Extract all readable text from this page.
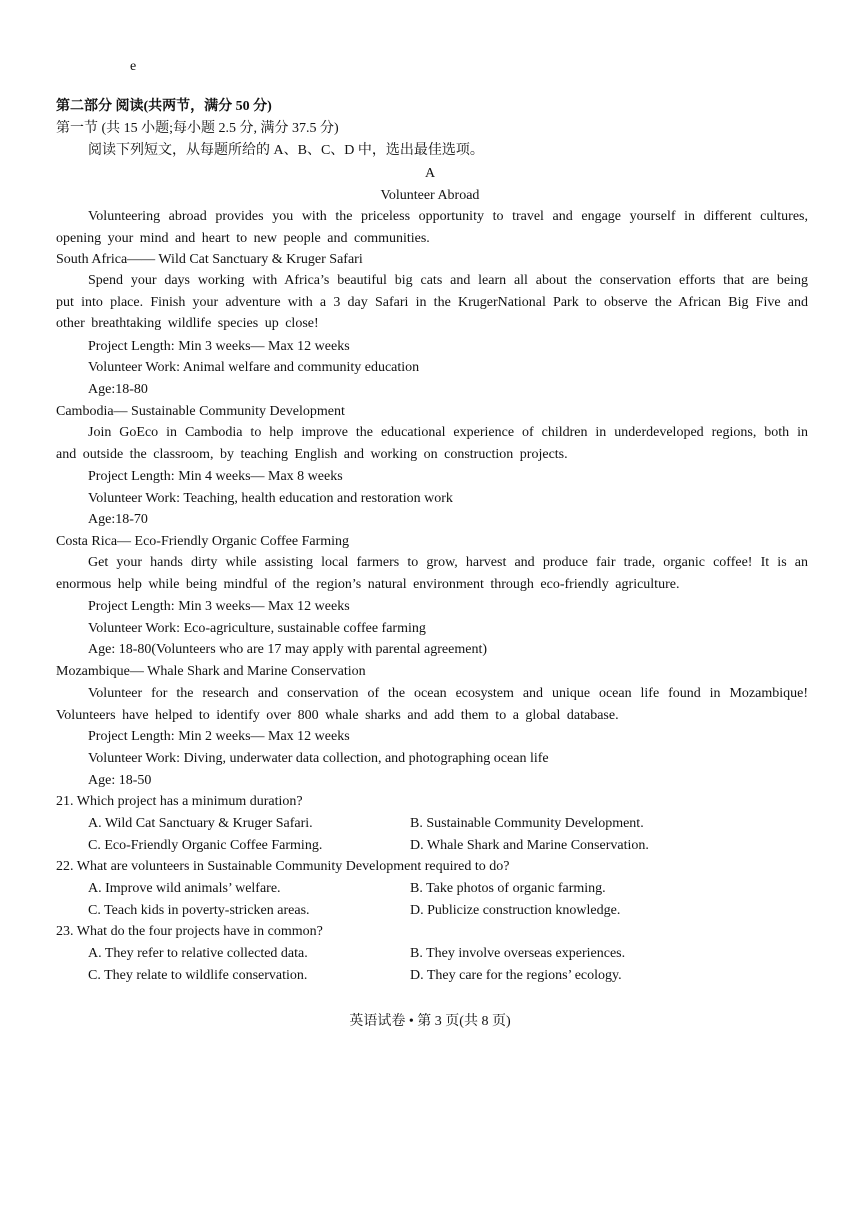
e
第二部分 阅读(共两节，满分 50 分)
第一节 (共 15 小题;每小题 2.5 分, 满分 37.5 分)
阅读下列短文，从每题所给的 A、B、C、D 中，选出最佳选项。
A
Volunteer Abroad
Volunteering abroad provides you with the priceless opportunity to travel and engage yourself in different cultures, opening your mind and heart to new people and communities.
South Africa—— Wild Cat Sanctuary & Kruger Safari
Spend your days working with Africa’s beautiful big cats and learn all about the conservation efforts that are being put into place. Finish your adventure with a 3 day Safari in the KrugerNational Park to observe the African Big Five and other breathtaking wildlife species up close!
Project Length: Min 3 weeks— Max 12 weeks
Volunteer Work: Animal welfare and community education
Age:18-80
Cambodia— Sustainable Community Development
Join GoEco in Cambodia to help improve the educational experience of children in underdeveloped regions, both in and outside the classroom, by teaching English and working on construction projects.
Project Length: Min 4 weeks— Max 8 weeks
Volunteer Work: Teaching, health education and restoration work
Age:18-70
Costa Rica— Eco-Friendly Organic Coffee Farming
Get your hands dirty while assisting local farmers to grow, harvest and produce fair trade, organic coffee! It is an enormous help while being mindful of the region’s natural environment through eco-friendly agriculture.
Project Length: Min 3 weeks— Max 12 weeks
Volunteer Work: Eco-agriculture, sustainable coffee farming
Age: 18-80(Volunteers who are 17 may apply with parental agreement)
Mozambique— Whale Shark and Marine Conservation
Volunteer for the research and conservation of the ocean ecosystem and unique ocean life found in Mozambique! Volunteers have helped to identify over 800 whale sharks and add them to a global database.
Project Length: Min 2 weeks— Max 12 weeks
Volunteer Work: Diving, underwater data collection, and photographing ocean life
Age: 18-50
21. Which project has a minimum duration?
A. Wild Cat Sanctuary & Kruger Safari.	B. Sustainable Community Development.
C. Eco-Friendly Organic Coffee Farming.	D. Whale Shark and Marine Conservation.
22. What are volunteers in Sustainable Community Development required to do?
A. Improve wild animals’ welfare.	B. Take photos of organic farming.
C. Teach kids in poverty-stricken areas.	D. Publicize construction knowledge.
23. What do the four projects have in common?
A. They refer to relative collected data.	B. They involve overseas experiences.
C. They relate to wildlife conservation.	D. They care for the regions’ ecology.
英语试卷 • 第 3 页(共 8 页)
